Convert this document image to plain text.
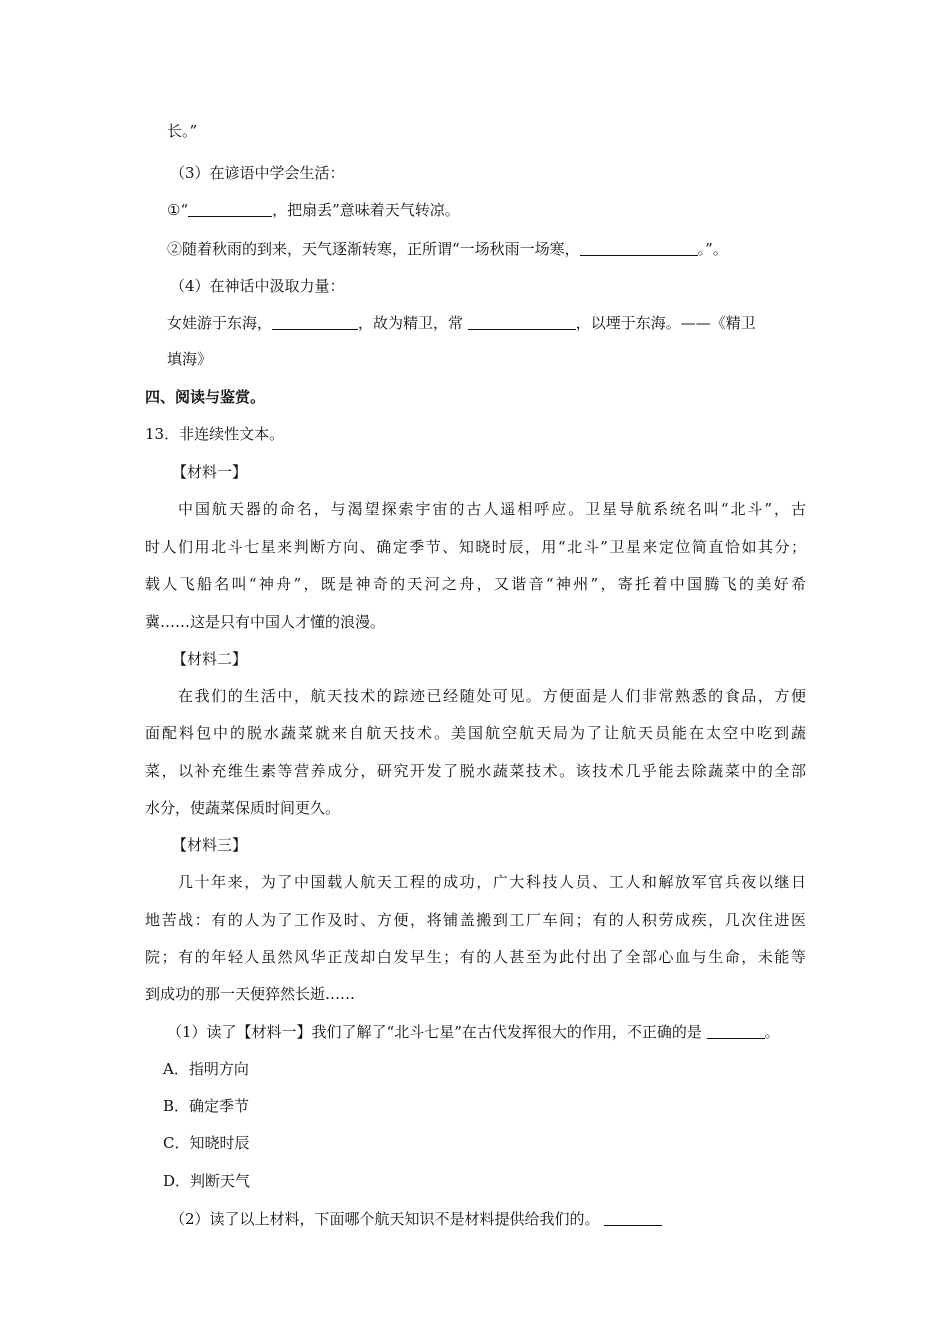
长。”
（3）在谚语中学会生活：
①“	，把扇丢”意味着天气转凉。
②随着秋雨的到来，天气逐渐转寒，正所谓“一场秋雨一场寒，	。”。
（4）在神话中汲取力量：
女娃游于东海，	，故为精卫，常	，以堙于东海。——《精卫
填海》
四、阅读与鉴赏。
13．非连续性文本。
【材料一】
中国航天器的命名，与渴望探索宇宙的古人遥相呼应。卫星导航系统名叫“北斗”，古
时人们用北斗七星来判断方向、确定季节、知晓时辰，用“北斗”卫星来定位简直恰如其分；
载人飞船名叫“神舟”，既是神奇的天河之舟，又谐音“神州”，寄托着中国腾飞的美好希
冀……这是只有中国人才懂的浪漫。
【材料二】
在我们的生活中，航天技术的踪迹已经随处可见。方便面是人们非常熟悉的食品，方便
面配料包中的脱水蔬菜就来自航天技术。美国航空航天局为了让航天员能在太空中吃到蔬
菜，以补充维生素等营养成分，研究开发了脱水蔬菜技术。该技术几乎能去除蔬菜中的全部
水分，使蔬菜保质时间更久。
【材料三】
几十年来，为了中国载人航天工程的成功，广大科技人员、工人和解放军官兵夜以继日
地苦战：有的人为了工作及时、方便，将铺盖搬到工厂车间；有的人积劳成疾，几次住进医
院；有的年轻人虽然风华正茂却白发早生；有的人甚至为此付出了全部心血与生命，未能等
到成功的那一天便猝然长逝……
（1）读了【材料一】我们了解了“北斗七星”在古代发挥很大的作用，不正确的是	。
A．指明方向
B．确定季节
C．知晓时辰
D．判断天气
（2）读了以上材料，下面哪个航天知识不是材料提供给我们的。
